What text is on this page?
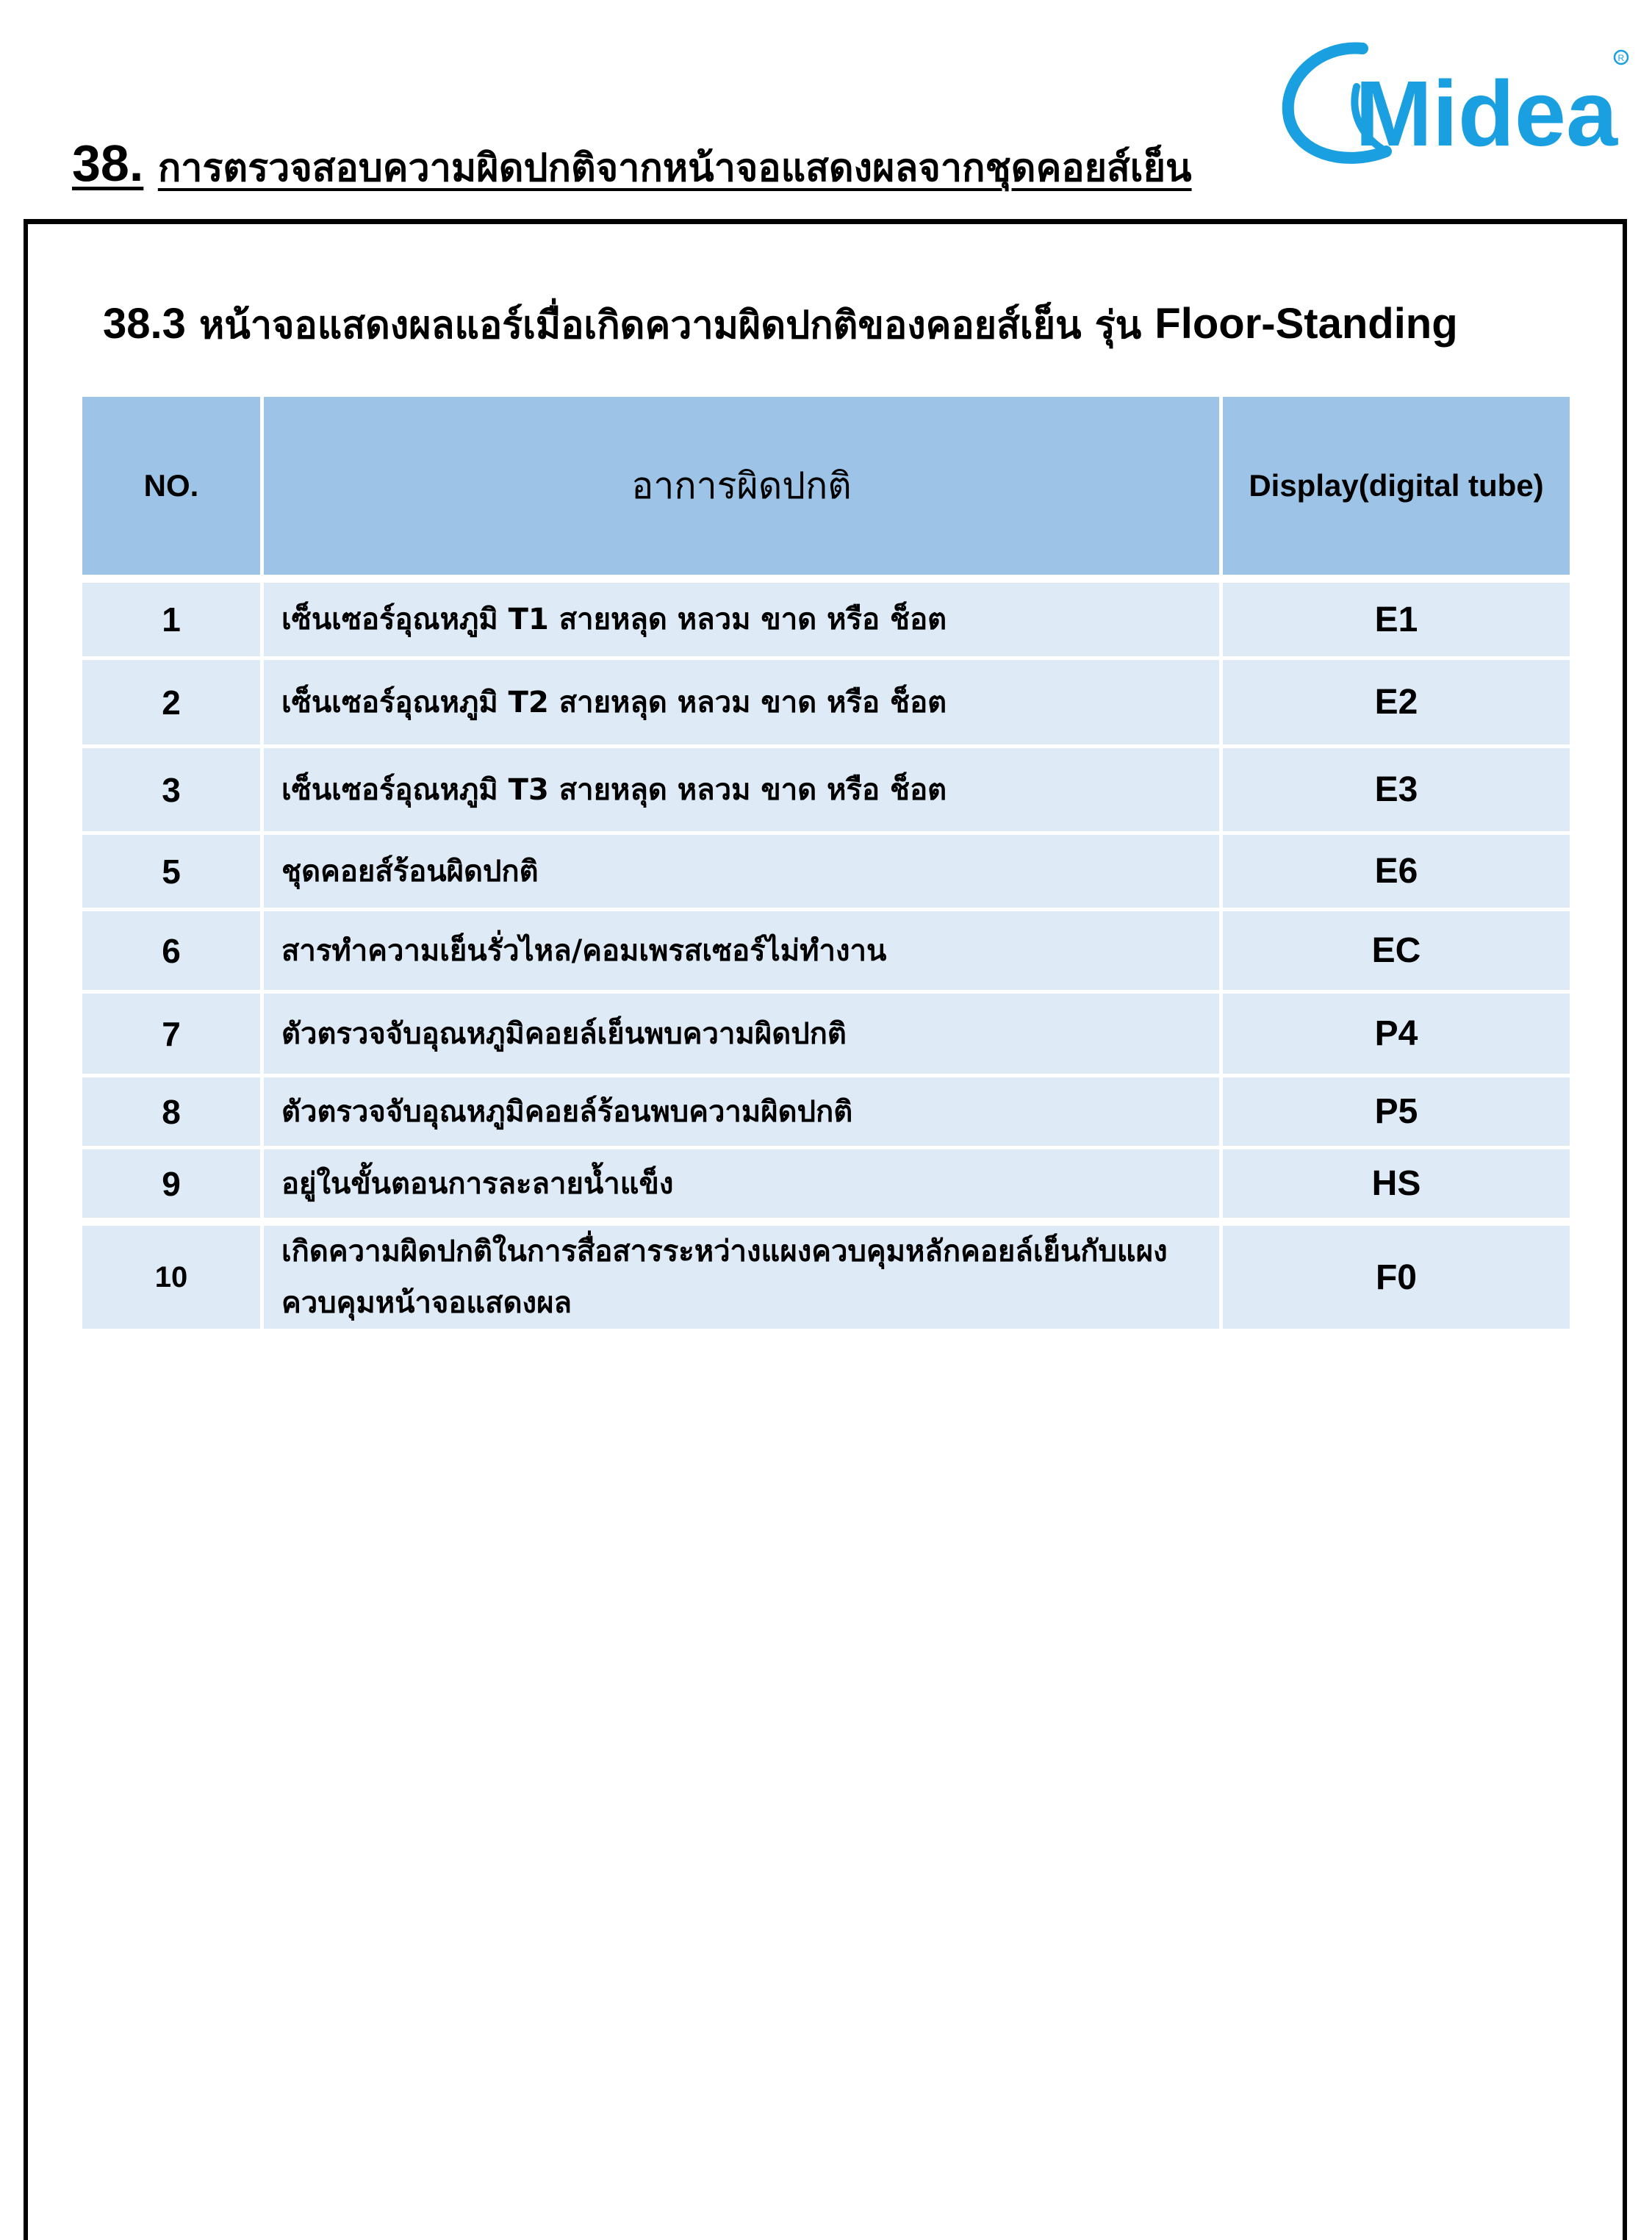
Midea
R
38. การตรวจสอบความผิดปกติจากหน้าจอแสดงผลจากชุดคอยส์เย็น
38.3 หน้าจอแสดงผลแอร์เมื่อเกิดความผิดปกติของคอยส์เย็น รุ่น Floor-Standing
NO.	อาการผิดปกติ	Display(digital tube)

1	เซ็นเซอร์อุณหภูมิ T1 สายหลุด หลวม ขาด หรือ ช็อต	E1
2	เซ็นเซอร์อุณหภูมิ T2 สายหลุด หลวม ขาด หรือ ช็อต	E2
3	เซ็นเซอร์อุณหภูมิ T3 สายหลุด หลวม ขาด หรือ ช็อต	E3
5	ชุดคอยส์ร้อนผิดปกติ	E6
6	สารทำความเย็นรั่วไหล/คอมเพรสเซอร์ไม่ทำงาน	EC
7	ตัวตรวจจับอุณหภูมิคอยล์เย็นพบความผิดปกติ	P4
8	ตัวตรวจจับอุณหภูมิคอยล์ร้อนพบความผิดปกติ	P5
9	อยู่ในขั้นตอนการละลายน้ำแข็ง	HS

10	เกิดความผิดปกติในการสื่อสารระหว่างแผงควบคุมหลักคอยล์เย็นกับแผงควบคุมหน้าจอแสดงผล	F0
